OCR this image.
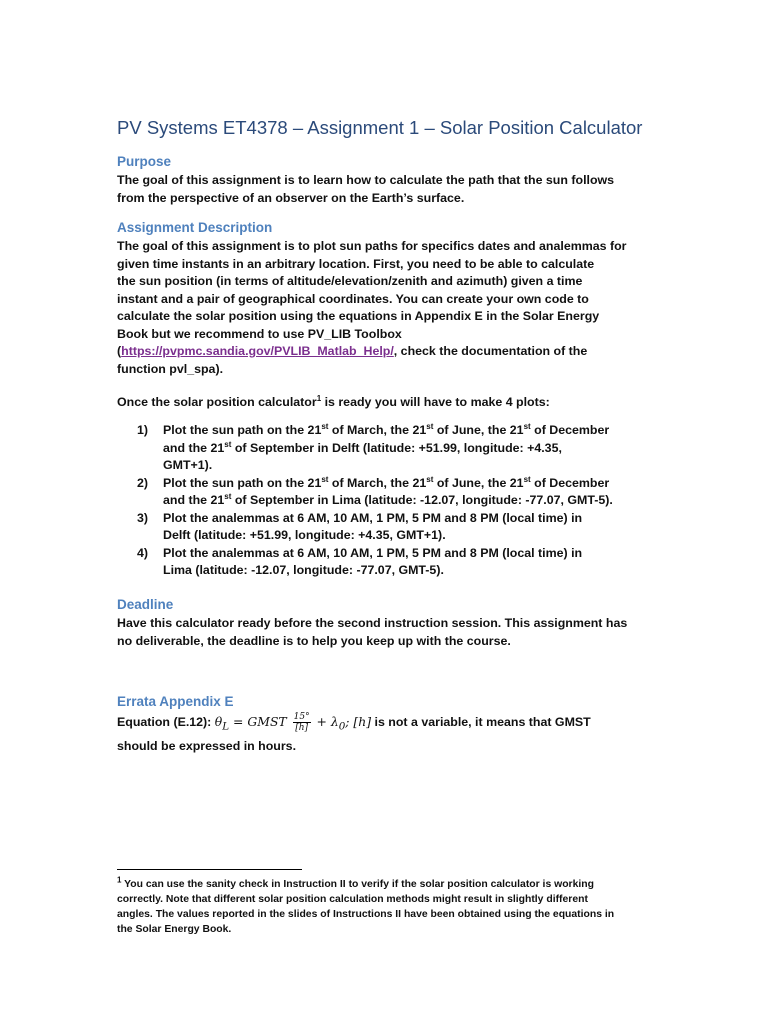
PV Systems ET4378 – Assignment 1 – Solar Position Calculator
Purpose

The goal of this assignment is to learn how to calculate the path that the sun follows
from the perspective of an observer on the Earth’s surface.

Assignment Description

The goal of this assignment is to plot sun paths for specifics dates and analemmas for
given time instants in an arbitrary location. First, you need to be able to calculate
the sun position (in terms of altitude/elevation/zenith and azimuth) given a time
instant and a pair of geographical coordinates. You can create your own code to
calculate the solar position using the equations in Appendix E in the Solar Energy
Book but we recommend to use PV_LIB Toolbox
(https://pvpmc.sandia.gov/PVLIB_Matlab_Help/, check the documentation of the
function pvl_spa).

Once the solar position calculator$^1$ is ready you will have to make 4 plots:

1) Plot the sun path on the 21st of March, the 21st of June, the 21st of December
and the 21st of September in Delft (latitude: +51.99, longitude: +4.35,
GMT+1).
2) Plot the sun path on the 21st of March, the 21st of June, the 21st of December
and the 21st of September in Lima (latitude: -12.07, longitude: -77.07, GMT-5).
3) Plot the analemmas at 6 AM, 10 AM, 1 PM, 5 PM and 8 PM (local time) in
Delft (latitude: +51.99, longitude: +4.35, GMT+1).
4) Plot the analemmas at 6 AM, 10 AM, 1 PM, 5 PM and 8 PM (local time) in
Lima (latitude: -12.07, longitude: -77.07, GMT-5).
Deadline

Have this calculator ready before the second instruction session. This assignment has
no deliverable, the deadline is to help you keep up with the course.

Errata Appendix E

Equation (E.12): $\theta_L$ = GMST $\frac{15^\circ}{[h]} + \lambda_0$; [h] is not a variable, it means that GMST
should be expressed in hours.

$^1$ You can use the sanity check in Instruction II to verify if the solar position calculator is working
correctly. Note that different solar position calculation methods might result in slightly different
angles. The values reported in the slides of Instructions II have been obtained using the equations in
the Solar Energy Book.
